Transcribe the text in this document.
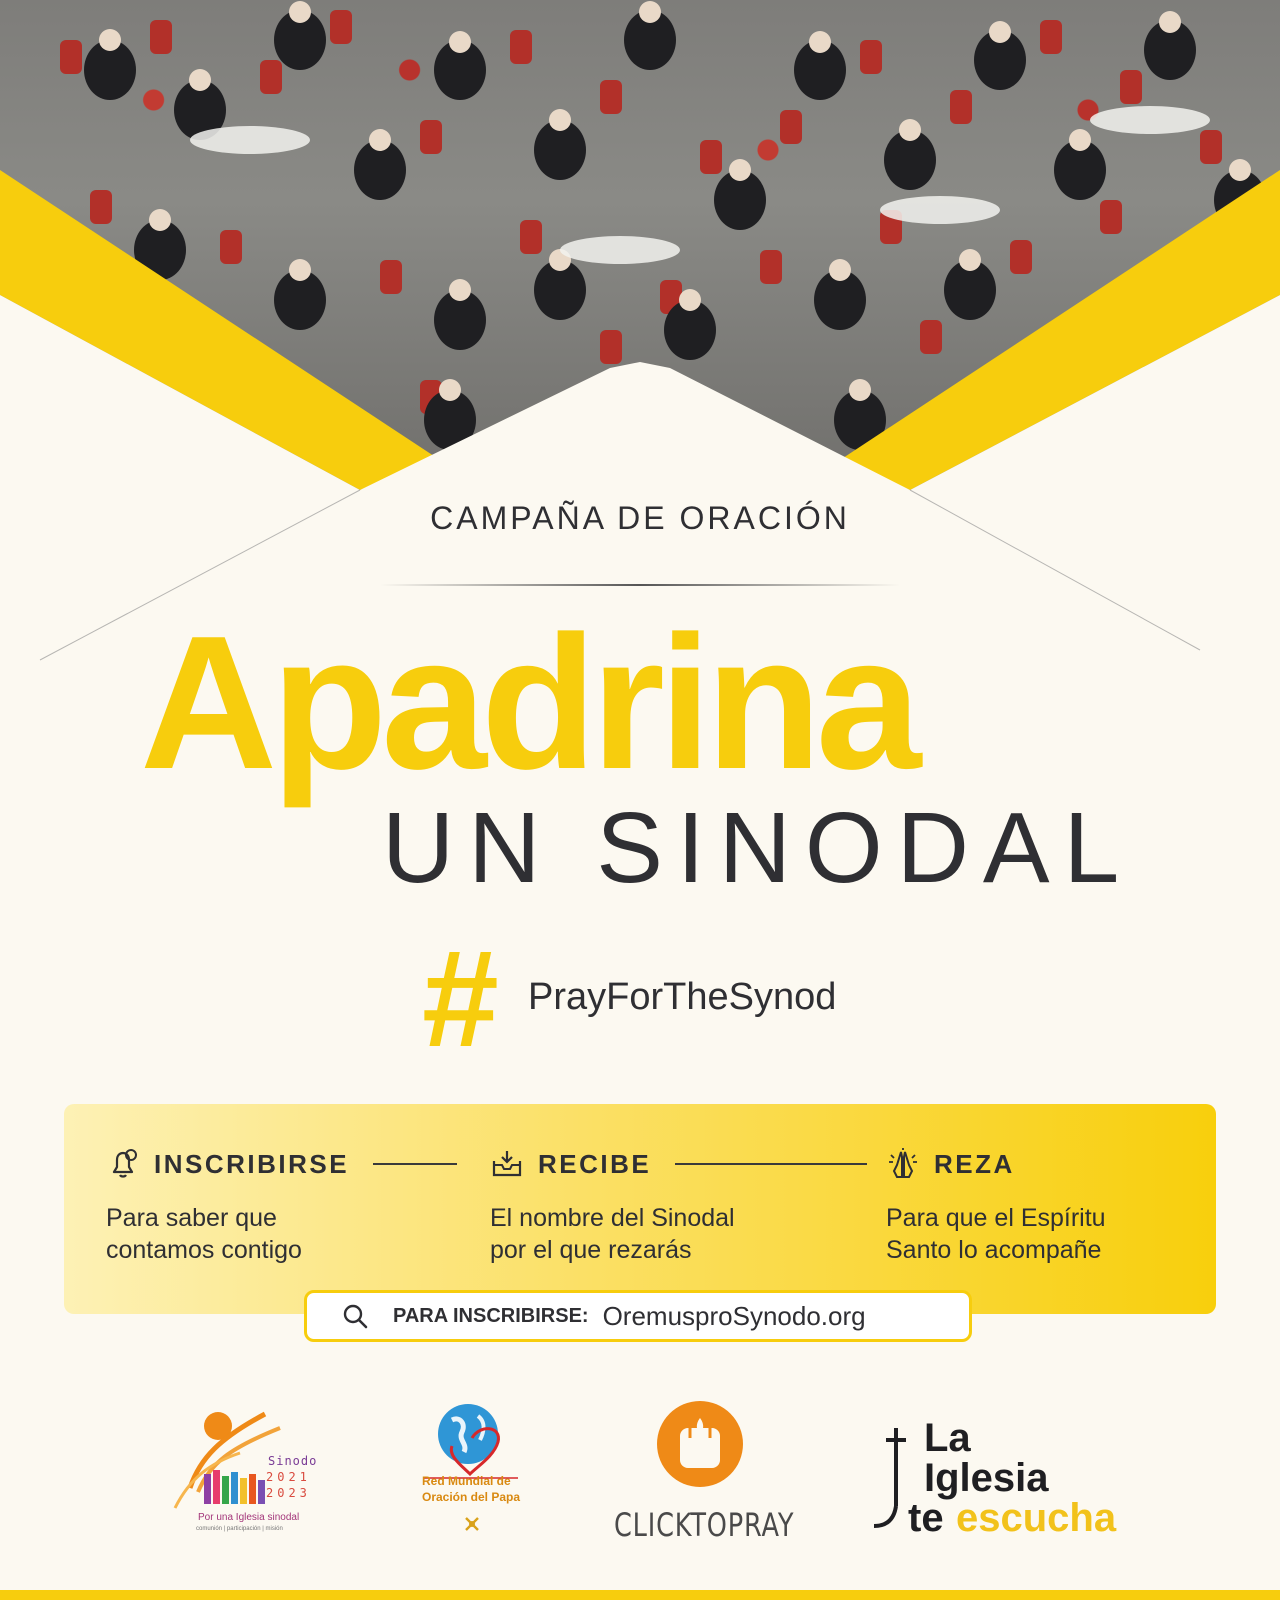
CAMPAÑA DE ORACIÓN
Apadrina
UN SINODAL
# PrayForTheSynod
INSCRIBIRSE
Para saber que
contamos contigo
RECIBE
El nombre del Sinodal
por el que rezarás
REZA
Para que el Espíritu
Santo lo acompañe
PARA INSCRIBIRSE: OremusproSynodo.org
Sinodo
2021
2023
Por una Iglesia sinodal
comunión | participación | misión
Red Mundial de
Oración del Papa
CLICKTOPRAY
La
Iglesia
te escucha
